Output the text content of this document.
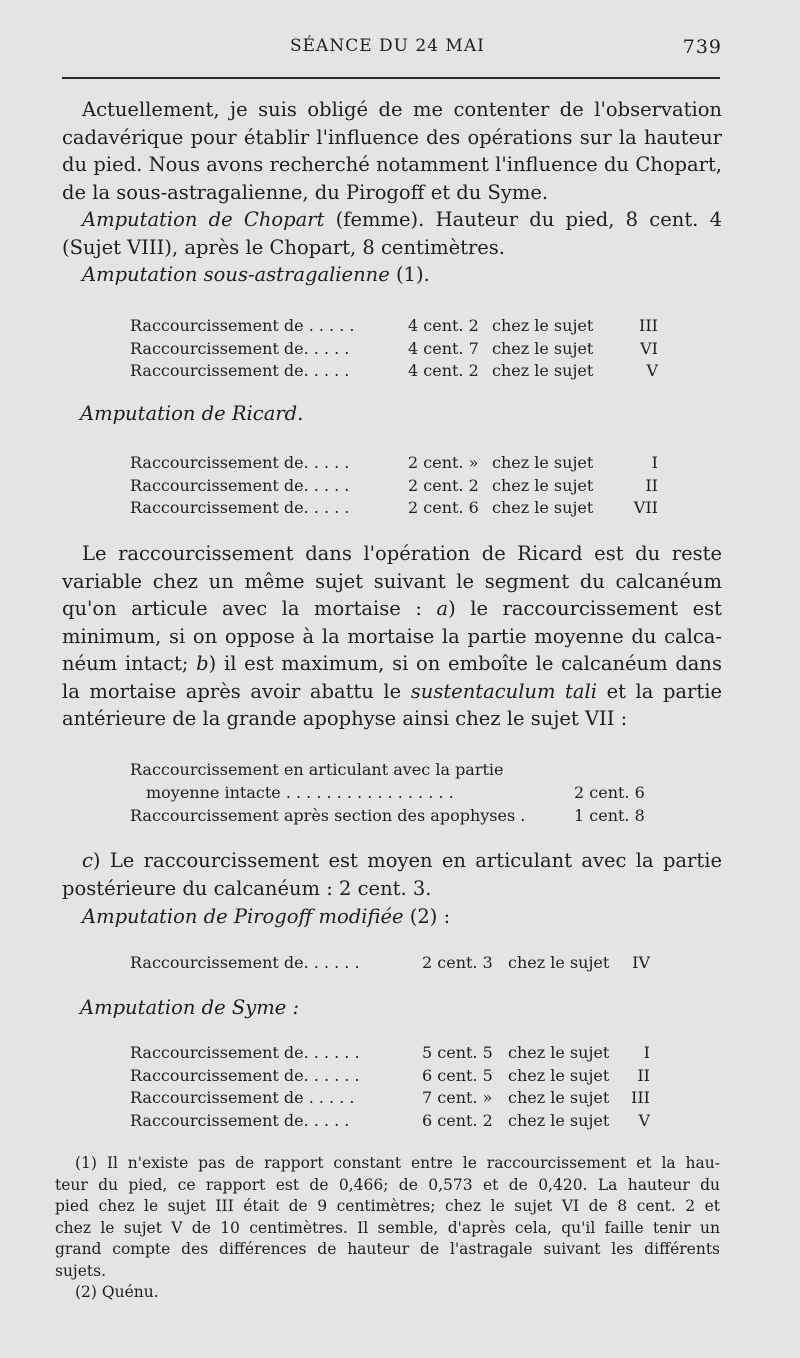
SÉANCE DU 24 MAI	739
Actuellement, je suis obligé de me contenter de l'observation
cadavérique pour établir l'influence des opérations sur la hauteur
du pied. Nous avons recherché notamment l'influence du Chopart,
de la sous-astragalienne, du Pirogoff et du Syme.
Amputation de Chopart (femme). Hauteur du pied, 8 cent. 4
(Sujet VIII), après le Chopart, 8 centimètres.
Amputation sous-astragalienne (1).
Raccourcissement de . . . . .	4 cent. 2 chez le sujet	III
Raccourcissement de. . . . .	4 cent. 7 chez le sujet	VI
Raccourcissement de. . . . .	4 cent. 2 chez le sujet	V
Amputation de Ricard.
Raccourcissement de. . . . .	2 cent. » chez le sujet	I
Raccourcissement de. . . . .	2 cent. 2 chez le sujet	II
Raccourcissement de. . . . .	2 cent. 6 chez le sujet	VII
Le raccourcissement dans l'opération de Ricard est du reste
variable chez un même sujet suivant le segment du calcanéum
qu'on articule avec la mortaise : a) le raccourcissement est
minimum, si on oppose à la mortaise la partie moyenne du calca-
néum intact; b) il est maximum, si on emboîte le calcanéum dans
la mortaise après avoir abattu le sustentaculum tali et la partie
antérieure de la grande apophyse ainsi chez le sujet VII :
Raccourcissement en articulant avec la partie
moyenne intacte . . . . . . . . . . . . . . . . .	2 cent. 6
Raccourcissement après section des apophyses .	1 cent. 8
c) Le raccourcissement est moyen en articulant avec la partie
postérieure du calcanéum : 2 cent. 3.
Amputation de Pirogoff modifiée (2) :
Raccourcissement de. . . . . .	2 cent. 3 chez le sujet	IV
Amputation de Syme :
Raccourcissement de. . . . . .	5 cent. 5 chez le sujet	I
Raccourcissement de. . . . . .	6 cent. 5 chez le sujet	II
Raccourcissement de . . . . .	7 cent. » chez le sujet	III
Raccourcissement de. . . . .	6 cent. 2 chez le sujet	V
(1) Il n'existe pas de rapport constant entre le raccourcissement et la hau-
teur du pied, ce rapport est de 0,466; de 0,573 et de 0,420. La hauteur du
pied chez le sujet III était de 9 centimètres; chez le sujet VI de 8 cent. 2 et
chez le sujet V de 10 centimètres. Il semble, d'après cela, qu'il faille tenir un
grand compte des différences de hauteur de l'astragale suivant les différents
sujets.
(2) Quénu.
